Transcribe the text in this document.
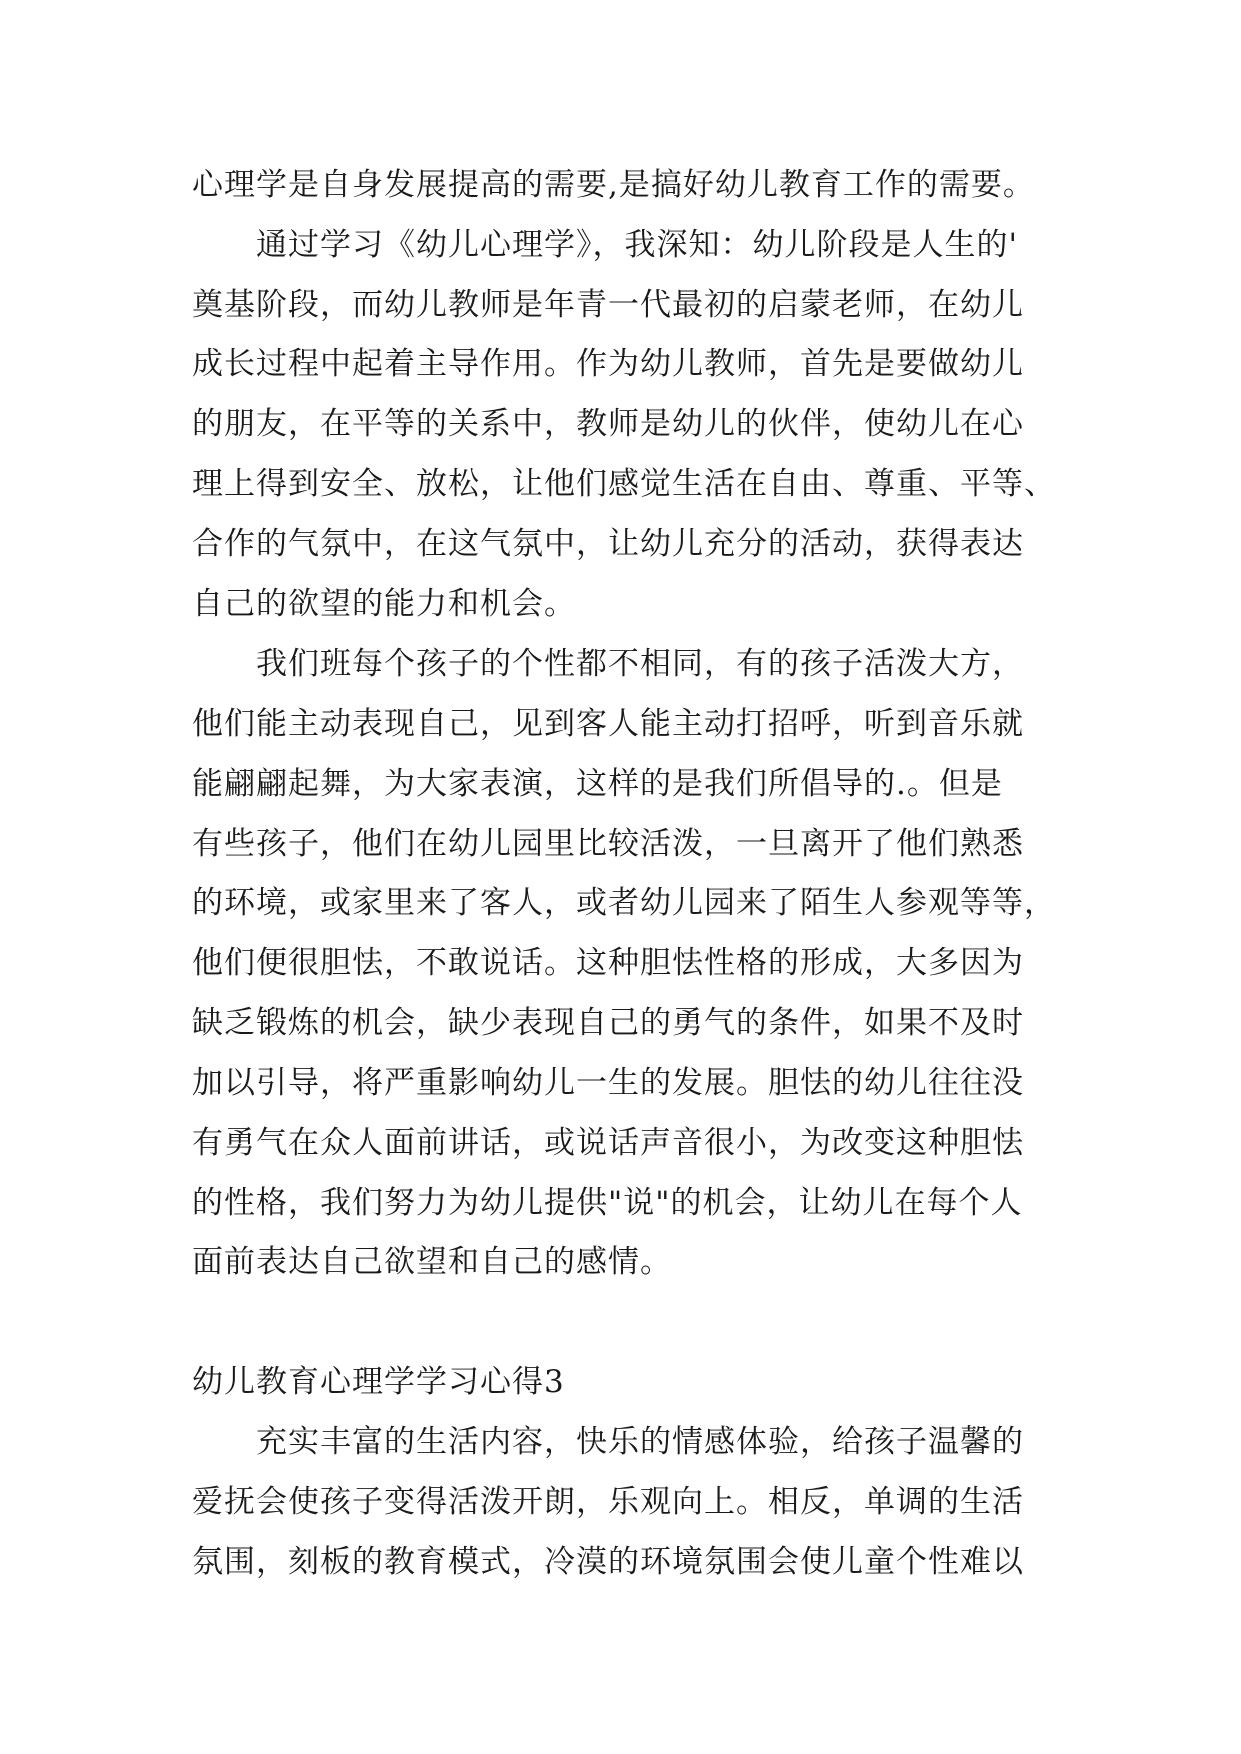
心理学是自身发展提高的需要,是搞好幼儿教育工作的需要。
通过学习《幼儿心理学》，我深知：幼儿阶段是人生的'
奠基阶段，而幼儿教师是年青一代最初的启蒙老师，在幼儿
成长过程中起着主导作用。作为幼儿教师，首先是要做幼儿
的朋友，在平等的关系中，教师是幼儿的伙伴，使幼儿在心
理上得到安全、放松，让他们感觉生活在自由、尊重、平等、
合作的气氛中，在这气氛中，让幼儿充分的活动，获得表达
自己的欲望的能力和机会。
我们班每个孩子的个性都不相同，有的孩子活泼大方，
他们能主动表现自己，见到客人能主动打招呼，听到音乐就
能翩翩起舞，为大家表演，这样的是我们所倡导的.。但是
有些孩子，他们在幼儿园里比较活泼，一旦离开了他们熟悉
的环境，或家里来了客人，或者幼儿园来了陌生人参观等等，
他们便很胆怯，不敢说话。这种胆怯性格的形成，大多因为
缺乏锻炼的机会，缺少表现自己的勇气的条件，如果不及时
加以引导，将严重影响幼儿一生的发展。胆怯的幼儿往往没
有勇气在众人面前讲话，或说话声音很小，为改变这种胆怯
的性格，我们努力为幼儿提供"说"的机会，让幼儿在每个人
面前表达自己欲望和自己的感情。
幼儿教育心理学学习心得3
充实丰富的生活内容，快乐的情感体验，给孩子温馨的
爱抚会使孩子变得活泼开朗，乐观向上。相反，单调的生活
氛围，刻板的教育模式，冷漠的环境氛围会使儿童个性难以
